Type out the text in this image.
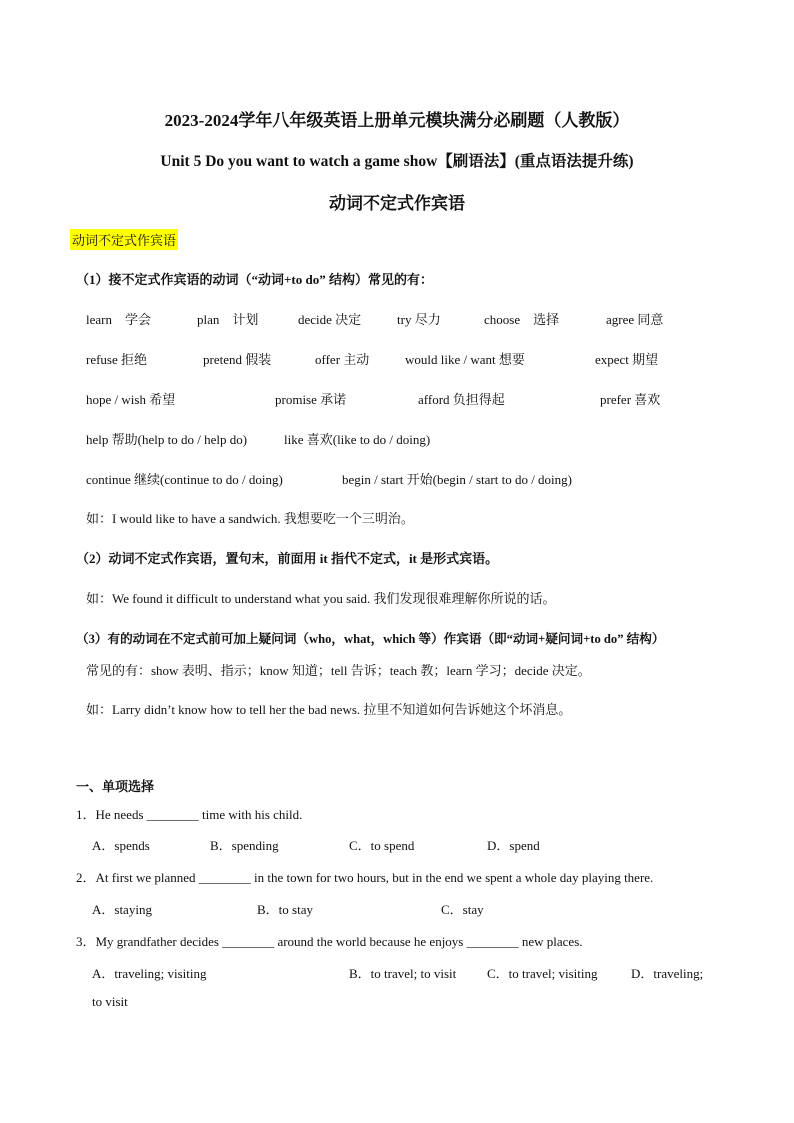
2023-2024学年八年级英语上册单元模块满分必刷题（人教版）
Unit 5 Do you want to watch a game show【刷语法】(重点语法提升练)
动词不定式作宾语
动词不定式作宾语
（1）接不定式作宾语的动词（“动词+to do” 结构）常见的有：
learn　学会	plan　计划	decide 决定	try 尽力	choose　选择	agree 同意
refuse 拒绝	pretend 假装	offer 主动	would like / want 想要	expect 期望
hope / wish 希望	promise 承诺	afford 负担得起	prefer 喜欢
help 帮助(help to do / help do)	like 喜欢(like to do / doing)
continue 继续(continue to do / doing)	begin / start 开始(begin / start to do / doing)
如：I would like to have a sandwich. 我想要吃一个三明治。
（2）动词不定式作宾语，置句末，前面用 it 指代不定式，it 是形式宾语。
如：We found it difficult to understand what you said. 我们发现很难理解你所说的话。
（3）有的动词在不定式前可加上疑问词（who，what，which 等）作宾语（即“动词+疑问词+to do” 结构）
常见的有：show 表明、指示；know 知道；tell 告诉；teach 教；learn 学习；decide 决定。
如：Larry didn’t know how to tell her the bad news. 拉里不知道如何告诉她这个坏消息。
一、单项选择
1．He needs ________ time with his child.
A．spends	B．spending	C．to spend	D．spend
2．At first we planned ________ in the town for two hours, but in the end we spent a whole day playing there.
A．staying	B．to stay	C．stay
3．My grandfather decides ________ around the world because he enjoys ________ new places.
A．traveling; visiting	B．to travel; to visit C．to travel; visiting	D．traveling;
to visit
